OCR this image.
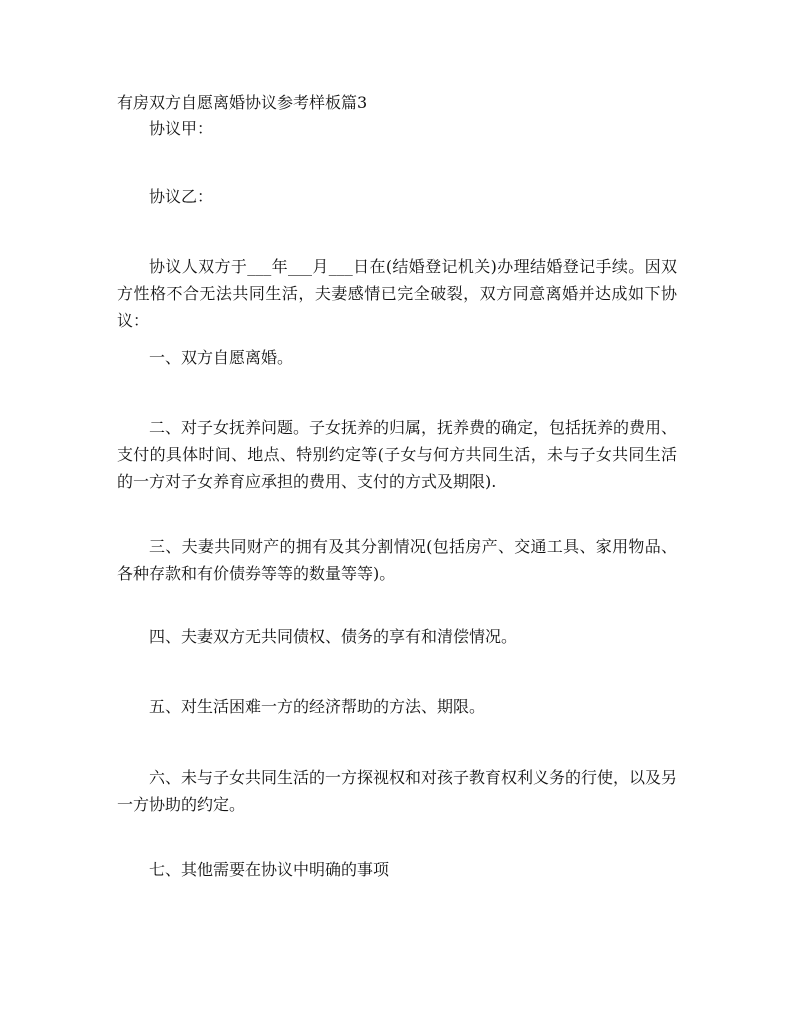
有房双方自愿离婚协议参考样板篇3
协议甲：
协议乙：
协议人双方于___年___月___日在(结婚登记机关)办理结婚登记手续。因双方性格不合无法共同生活，夫妻感情已完全破裂，双方同意离婚并达成如下协议：
一、双方自愿离婚。
二、对子女抚养问题。子女抚养的归属，抚养费的确定，包括抚养的费用、支付的具体时间、地点、特别约定等(子女与何方共同生活，未与子女共同生活的一方对子女养育应承担的费用、支付的方式及期限).
三、夫妻共同财产的拥有及其分割情况(包括房产、交通工具、家用物品、各种存款和有价债券等等的数量等等)。
四、夫妻双方无共同债权、债务的享有和清偿情况。
五、对生活困难一方的经济帮助的方法、期限。
六、未与子女共同生活的一方探视权和对孩子教育权利义务的行使，以及另一方协助的约定。
七、其他需要在协议中明确的事项
